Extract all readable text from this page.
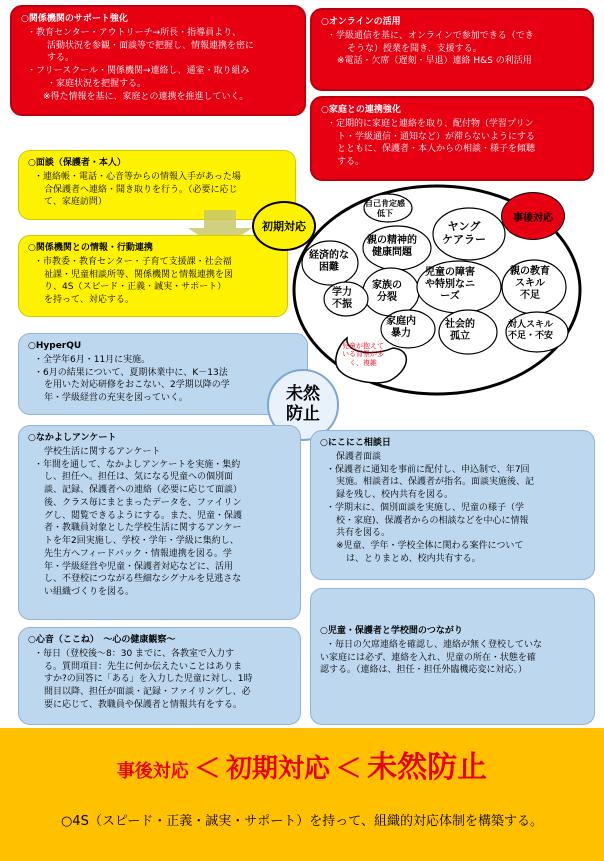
○関係機関のサポート強化
・教育センター・アウトリーチ→所長・指導員より、
活動状況を参観・面談等で把握し、情報連携を密に
する。
・フリースクール・関係機関→連絡し、通室・取り組み
・家庭状況を把握する。
※得た情報を基に、家庭との連携を推進していく。
○オンラインの活用
・学級通信を基に、オンラインで参加できる（でき
そうな）授業を聞き、支援する。
※電話・欠席（遅刻・早退）連絡 H&S の利活用
○家庭との連携強化
・定期的に家庭と連絡を取り、配付物（学習プリン
ト・学級通信・通知など）が滞らないようにする
とともに、保護者・本人からの相談・様子を傾聴
する。
○面談（保護者・本人）
・連絡帳・電話・心音等からの情報入手があった場
合保護者へ連絡・聞き取りを行う。（必要に応じ
て、家庭訪問）
○関係機関との情報・行動連携
・市教委・教育センター・子育て支援課・社会福
祉課・児童相談所等、関係機関と情報連携を図
り、4S（スピード・正義・誠実・サポート）
を持って、対応する。
初期対応
事後対応
自己肯定感
低下
ヤング
ケアラー
親の精神的
健康問題
経済的な
困難	児童の障害
や特別なニ
ーズ
親の教育
スキル
不足
家族の
分裂
学力
不振
家庭内
暴力
社会的
孤立
対人スキル
不足・不安
児童が抱えて
いる背景が多
く、複雑
○HyperQU
・全学年6月・11月に実施。
・6月の結果について、夏期休業中に、K－13法
を用いた対応研修をおこない、2学期以降の学
年・学級経営の充実を図っていく。	未然
防止
○なかよしアンケート
学校生活に関するアンケート
・年間を通して、なかよしアンケートを実施・集約
し、担任へ。担任は、気になる児童への個別面
談、記録、保護者への連絡（必要に応じて面談）
後、クラス毎にまとまったデータを、ファイリン
グし、閲覧できるようにする。また、児童・保護
者・教職員対象とした学校生活に関するアンケー
トを年2回実施し、学校・学年・学級に集約し、
先生方へフィードバック・情報連携を図る。学
年・学級経営や児童・保護者対応などに、活用
し、不登校につながる些細なシグナルを見逃さな
い組織づくりを図る。
○にこにこ相談日
保護者面談
・保護者に通知を事前に配付し、申込制で、年7回
実施。相談者は、保護者が指名。面談実施後、記
録を残し、校内共有を図る。
・学期末に、個別面談を実施し、児童の様子（学
校・家庭)、保護者からの相談などを中心に情報
共有を図る。
※児童、学年・学校全体に関わる案件について
は、とりまとめ、校内共有する。
○心音（ここね）　～心の健康観察～
・毎日（登校後～8：30 までに、各教室で入力す
る。質問項目：先生に何か伝えたいことはありま
すか?の回答に「ある」を入力した児童に対し、1時
間目以降、担任が面談・記録・ファイリングし、必
要に応じて、教職員や保護者と情報共有をする。
○児童・保護者と学校間のつながり
・毎日の欠席連絡を確認し、連絡が無く登校していな
い家庭には必ず、連絡を入れ、児童の所在・状態を確
認する。（連絡は、担任・担任外臨機応変に対応。）
事後対応 ＜ 初期対応 ＜ 未然防止
○4S（スピード・正義・誠実・サポート）を持って、組織的対応体制を構築する。
